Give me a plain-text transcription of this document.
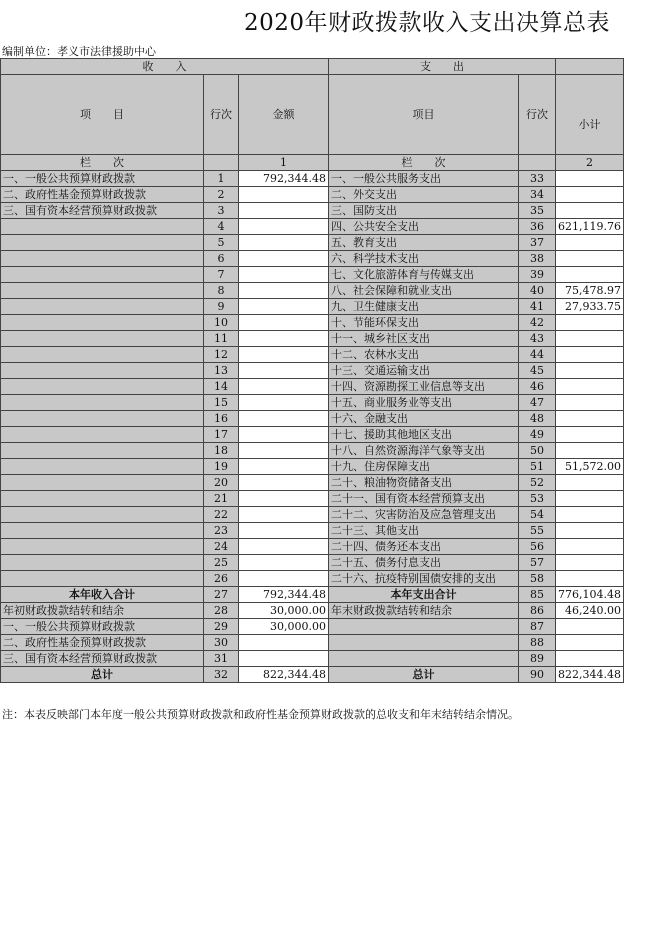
2020年财政拨款收入支出决算总表
编制单位：孝义市法律援助中心
收　　入			支　　出		
项　　目	行次	金额	项目	行次	小计
栏　　次		1	栏　　次		2
一、一般公共预算财政拨款	1	792,344.48	一、一般公共服务支出	33	
二、政府性基金预算财政拨款	2		二、外交支出	34	
三、国有资本经营预算财政拨款	3		三、国防支出	35	
	4		四、公共安全支出	36	621,119.76
	5		五、教育支出	37	
	6		六、科学技术支出	38	
	7		七、文化旅游体育与传媒支出	39	
	8		八、社会保障和就业支出	40	75,478.97
	9		九、卫生健康支出	41	27,933.75
	10		十、节能环保支出	42	
	11		十一、城乡社区支出	43	
	12		十二、农林水支出	44	
	13		十三、交通运输支出	45	
	14		十四、资源勘探工业信息等支出	46	
	15		十五、商业服务业等支出	47	
	16		十六、金融支出	48	
	17		十七、援助其他地区支出	49	
	18		十八、自然资源海洋气象等支出	50	
	19		十九、住房保障支出	51	51,572.00
	20		二十、粮油物资储备支出	52	
	21		二十一、国有资本经营预算支出	53	
	22		二十二、灾害防治及应急管理支出	54	
	23		二十三、其他支出	55	
	24		二十四、债务还本支出	56	
	25		二十五、债务付息支出	57	
	26		二十六、抗疫特别国债安排的支出	58	
本年收入合计	27	792,344.48	本年支出合计	85	776,104.48
年初财政拨款结转和结余	28	30,000.00	年末财政拨款结转和结余	86	46,240.00
一、一般公共预算财政拨款	29	30,000.00		87	
二、政府性基金预算财政拨款	30			88	
三、国有资本经营预算财政拨款	31			89	
总计	32	822,344.48	总计	90	822,344.48
注：本表反映部门本年度一般公共预算财政拨款和政府性基金预算财政拨款的总收支和年末结转结余情况。
